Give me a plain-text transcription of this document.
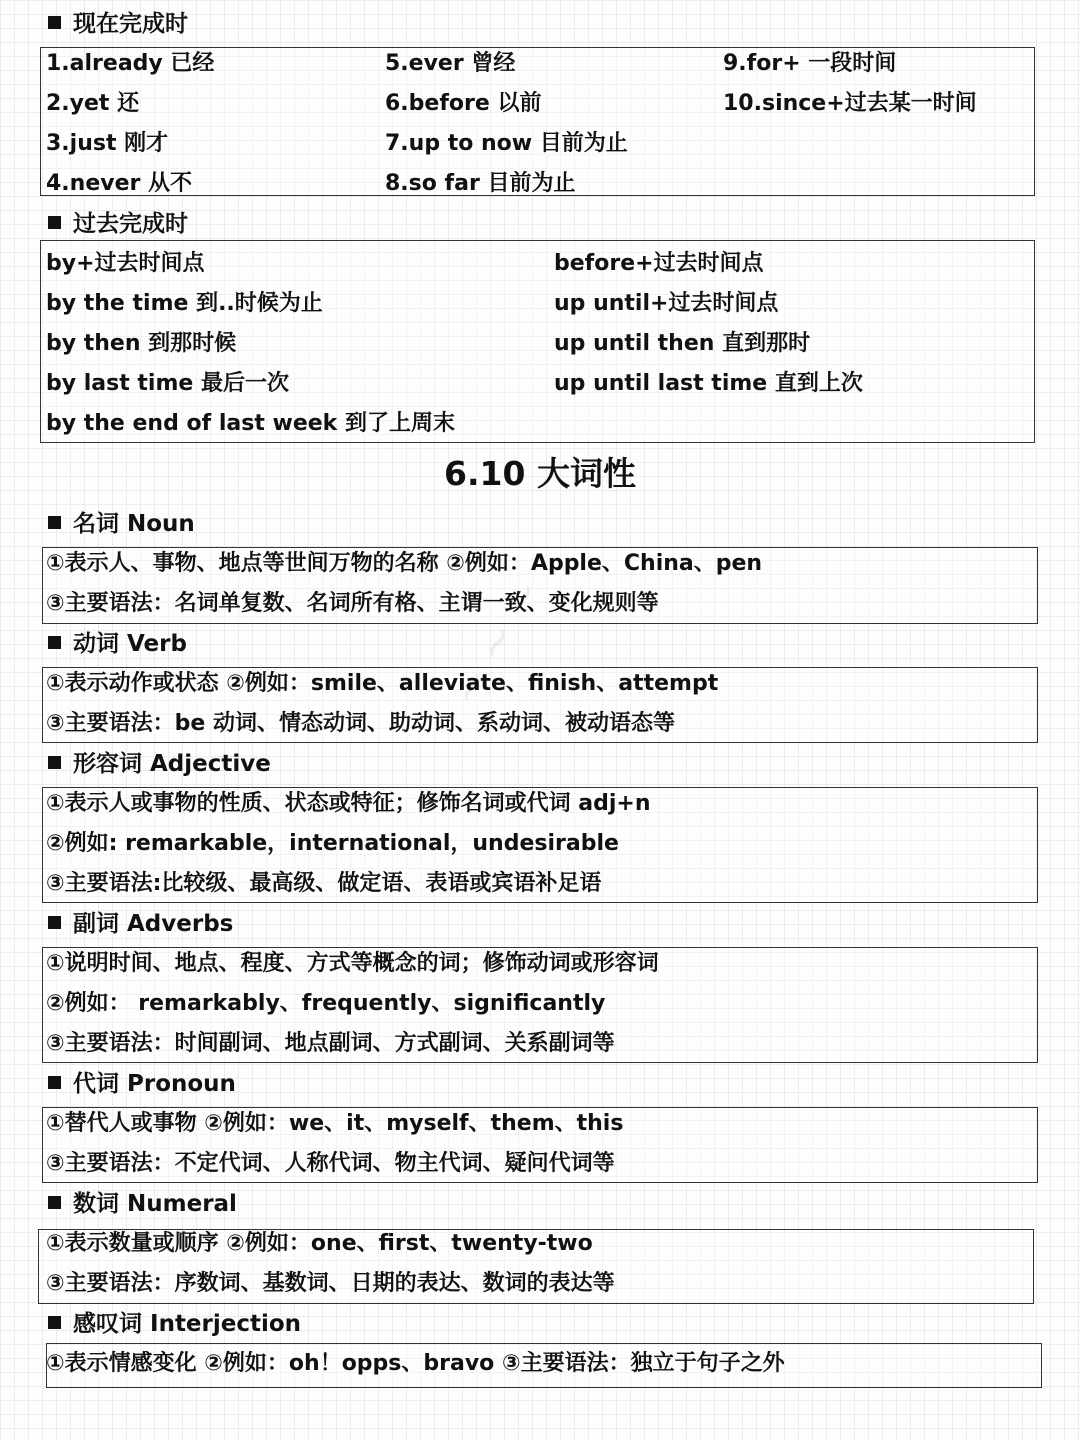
现在完成时
1.already 已经
2.yet 还
3.just 刚才
4.never 从不
5.ever 曾经
6.before 以前
7.up to now 目前为止
8.so far 目前为止
9.for+ 一段时间
10.since+过去某一时间
过去完成时
by+过去时间点
by the time 到..时候为止
by then 到那时候
by last time 最后一次
by the end of last week 到了上周末
before+过去时间点
up until+过去时间点
up until then 直到那时
up until last time 直到上次
6.10 大词性
名词 Noun
①表示人、事物、地点等世间万物的名称 ②例如：Apple、China、pen
③主要语法：名词单复数、名词所有格、主谓一致、变化规则等
动词 Verb
①表示动作或状态 ②例如：smile、alleviate、finish、attempt
③主要语法：be 动词、情态动词、助动词、系动词、被动语态等
形容词 Adjective
①表示人或事物的性质、状态或特征；修饰名词或代词 adj+n
②例如: remarkable，international，undesirable
③主要语法:比较级、最高级、做定语、表语或宾语补足语
副词 Adverbs
①说明时间、地点、程度、方式等概念的词；修饰动词或形容词
②例如： remarkably、frequently、significantly
③主要语法：时间副词、地点副词、方式副词、关系副词等
代词 Pronoun
①替代人或事物 ②例如：we、it、myself、them、this
③主要语法：不定代词、人称代词、物主代词、疑问代词等
数词 Numeral
①表示数量或顺序 ②例如：one、first、twenty-two
③主要语法：序数词、基数词、日期的表达、数词的表达等
感叹词 Interjection
①表示情感变化 ②例如：oh！opps、bravo ③主要语法：独立于句子之外
~ ~ ~
